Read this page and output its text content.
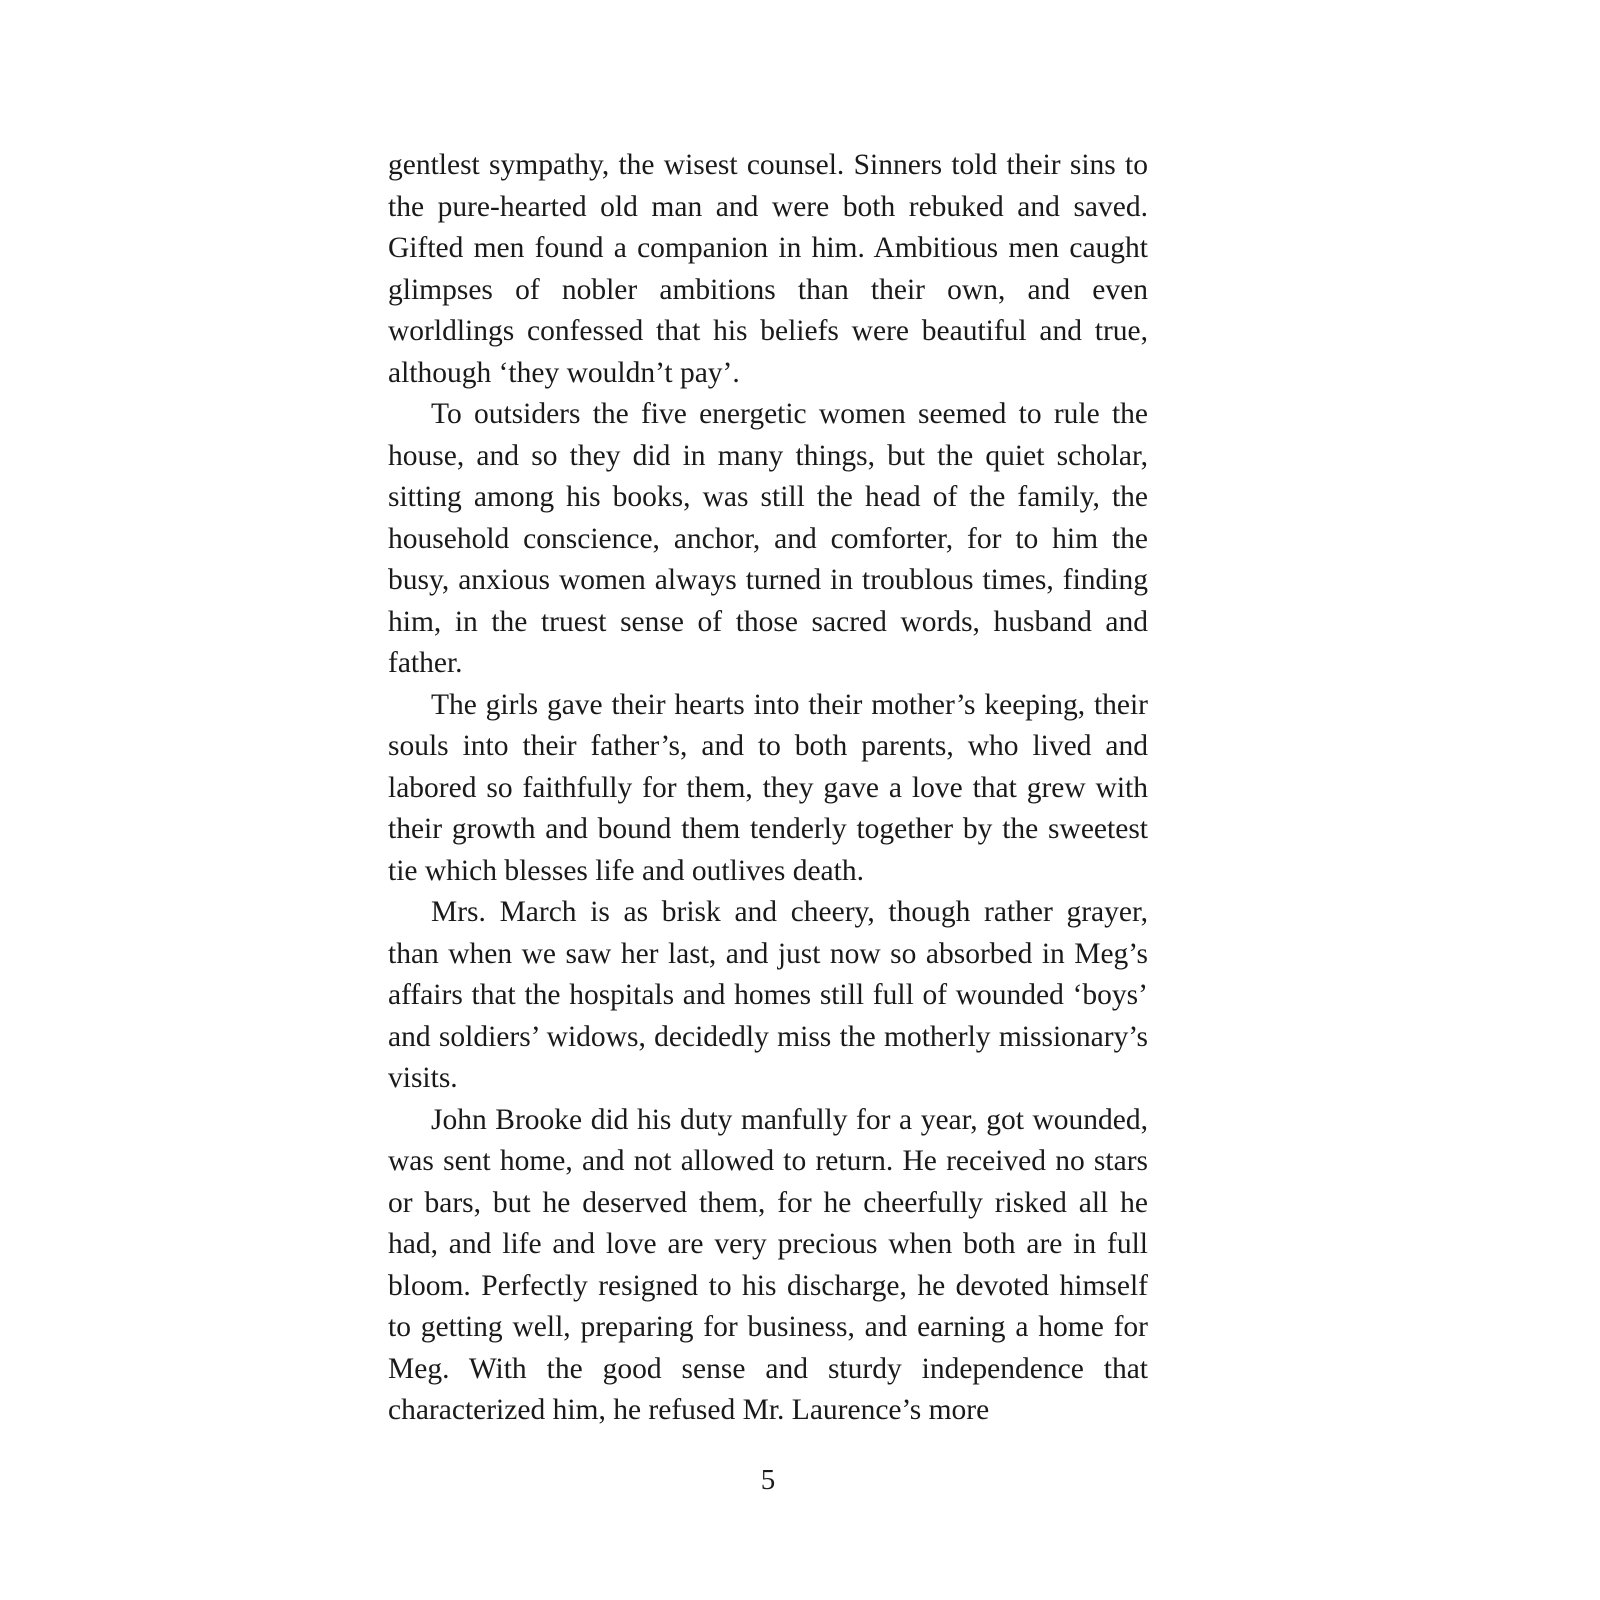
gentlest sympathy, the wisest counsel. Sinners told their sins to the pure-hearted old man and were both rebuked and saved. Gifted men found a companion in him. Ambitious men caught glimpses of nobler ambitions than their own, and even worldlings confessed that his beliefs were beautiful and true, although ‘they wouldn’t pay’.

To outsiders the five energetic women seemed to rule the house, and so they did in many things, but the quiet scholar, sitting among his books, was still the head of the family, the household conscience, anchor, and comforter, for to him the busy, anxious women always turned in troublous times, finding him, in the truest sense of those sacred words, husband and father.

The girls gave their hearts into their mother’s keeping, their souls into their father’s, and to both parents, who lived and labored so faithfully for them, they gave a love that grew with their growth and bound them tenderly together by the sweetest tie which blesses life and outlives death.

Mrs. March is as brisk and cheery, though rather grayer, than when we saw her last, and just now so absorbed in Meg’s affairs that the hospitals and homes still full of wounded ‘boys’ and soldiers’ widows, decidedly miss the motherly missionary’s visits.

John Brooke did his duty manfully for a year, got wounded, was sent home, and not allowed to return. He received no stars or bars, but he deserved them, for he cheerfully risked all he had, and life and love are very precious when both are in full bloom. Perfectly resigned to his discharge, he devoted himself to getting well, preparing for business, and earning a home for Meg. With the good sense and sturdy independence that characterized him, he refused Mr. Laurence’s more

5
